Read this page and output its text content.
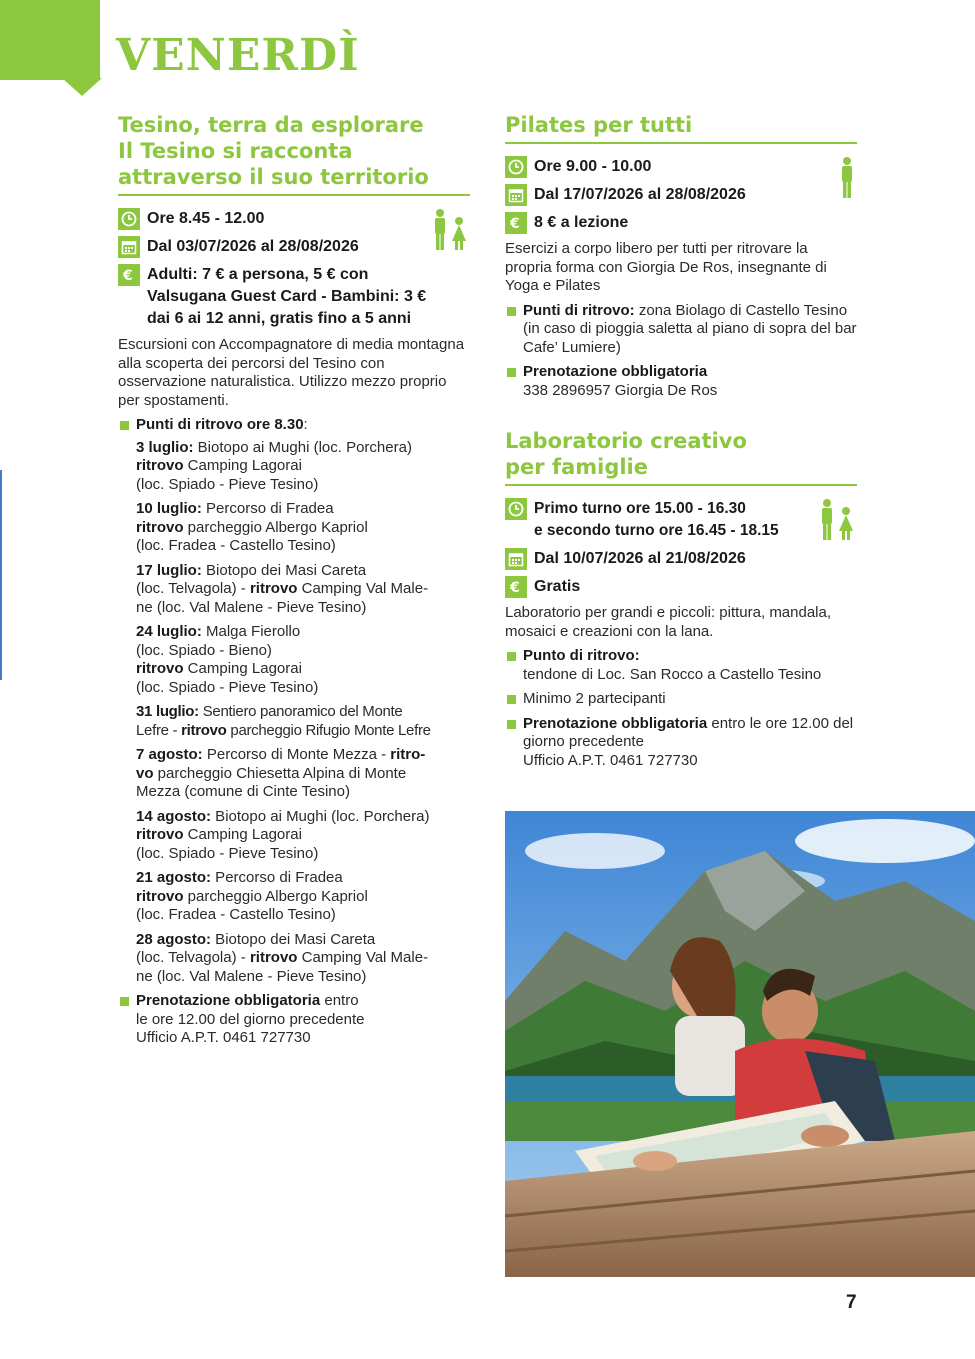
VENERDÌ
Tesino, terra da esplorare
Il Tesino si racconta
attraverso il suo territorio
Ore 8.45 - 12.00
Dal 03/07/2026 al 28/08/2026
€ Adulti: 7 € a persona, 5 € con
Valsugana Guest Card - Bambini: 3 €
dai 6 ai 12 anni, gratis fino a 5 anni

Escursioni con Accompagnatore di media montagna alla scoperta dei percorsi del Tesino con osservazione naturalistica. Utilizzo mezzo proprio per spostamenti.

Punti di ritrovo ore 8.30:
3 luglio: Biotopo ai Mughi (loc. Porchera)
ritrovo Camping Lagorai
(loc. Spiado - Pieve Tesino)
10 luglio: Percorso di Fradea
ritrovo parcheggio Albergo Kapriol
(loc. Fradea - Castello Tesino)
17 luglio: Biotopo dei Masi Careta
(loc. Telvagola) - ritrovo Camping Val Male-
ne (loc. Val Malene - Pieve Tesino)
24 luglio: Malga Fierollo
(loc. Spiado - Bieno)
ritrovo Camping Lagorai
(loc. Spiado - Pieve Tesino)
31 luglio: Sentiero panoramico del Monte
Lefre - ritrovo parcheggio Rifugio Monte Lefre
7 agosto: Percorso di Monte Mezza - ritro-
vo parcheggio Chiesetta Alpina di Monte
Mezza (comune di Cinte Tesino)
14 agosto: Biotopo ai Mughi (loc. Porchera)
ritrovo Camping Lagorai
(loc. Spiado - Pieve Tesino)
21 agosto: Percorso di Fradea
ritrovo parcheggio Albergo Kapriol
(loc. Fradea - Castello Tesino)
28 agosto: Biotopo dei Masi Careta
(loc. Telvagola) - ritrovo Camping Val Male-
ne (loc. Val Malene - Pieve Tesino)
Prenotazione obbligatoria entro
le ore 12.00 del giorno precedente
Ufficio A.P.T. 0461 727730
Pilates per tutti
Ore 9.00 - 10.00
Dal 17/07/2026 al 28/08/2026
€ 8 € a lezione

Esercizi a corpo libero per tutti per ritrovare la propria forma con Giorgia De Ros, insegnante di Yoga e Pilates

Punti di ritrovo: zona Biolago di Castello Tesino (in caso di pioggia saletta al piano di sopra del bar Cafe’ Lumiere)
Prenotazione obbligatoria
338 2896957 Giorgia De Ros
Laboratorio creativo
per famiglie
Primo turno ore 15.00 - 16.30
e secondo turno ore 16.45 - 18.15
Dal 10/07/2026 al 21/08/2026
€ Gratis

Laboratorio per grandi e piccoli: pittura, mandala, mosaici e creazioni con la lana.

Punto di ritrovo:
tendone di Loc. San Rocco a Castello Tesino
Minimo 2 partecipanti
Prenotazione obbligatoria entro le ore 12.00 del giorno precedente
Ufficio A.P.T. 0461 727730
7
